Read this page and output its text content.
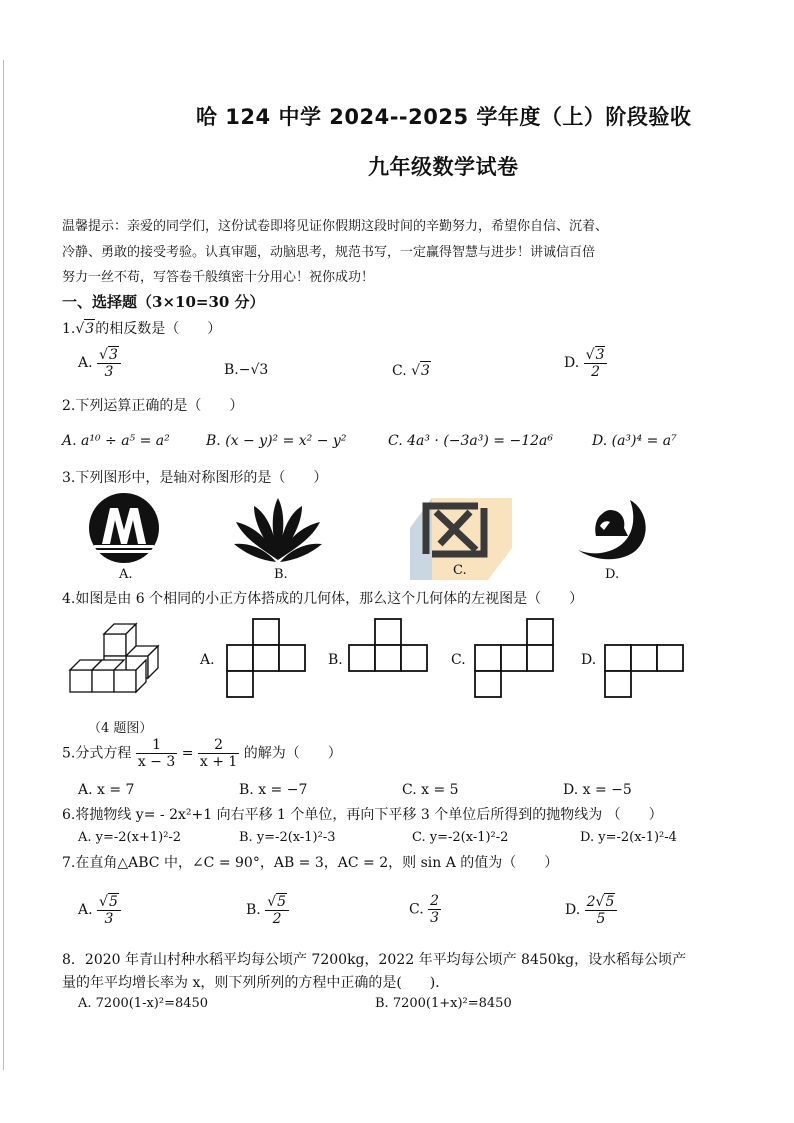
哈 124 中学 2024--2025 学年度（上）阶段验收
九年级数学试卷
温馨提示：亲爱的同学们，这份试卷即将见证你假期这段时间的辛勤努力，希望你自信、沉着、
冷静、勇敢的接受考验。认真审题，动脑思考，规范书写，一定赢得智慧与进步！讲诚信百倍
努力一丝不苟，写答卷千般缜密十分用心！祝你成功！
一、选择题（3×10=30 分）
1.√3的相反数是（　　）
A. $\frac{√3}{3}$	B.−√3	C. √3	D. $\frac{√3}{2}$
2.下列运算正确的是（　　）
A. a¹⁰ ÷ a⁵ = a²	B. (x − y)² = x² − y²	C. 4a³ · (−3a³) = −12a⁶	D. (a³)⁴ = a⁷
3.下列图形中，是轴对称图形的是（　　）
A.	B.	C.	D.
4.如图是由 6 个相同的小正方体搭成的几何体，那么这个几何体的左视图是（　　）
（4 题图）
A.	B.	C.	D.
5.分式方程 $\frac{1}{x - 3} = \frac{2}{x + 1}$ 的解为（　　）
A. x = 7	B. x = −7	C. x = 5	D. x = −5
6.将抛物线 y= - 2x²+1 向右平移 1 个单位，再向下平移 3 个单位后所得到的抛物线为 （　　）
A. y=-2(x+1)²-2	B. y=-2(x-1)²-3	C. y=-2(x-1)²-2	D. y=-2(x-1)²-4
7.在直角△ABC 中，∠C = 90°，AB = 3，AC = 2，则 sin A 的值为（　　）
A. $\frac{√5}{3}$	B. $\frac{√5}{2}$	C. $\frac{2}{3}$	D. $\frac{2√5}{5}$
8．2020 年青山村种水稻平均每公顷产 7200kg，2022 年平均每公顷产 8450kg，设水稻每公顷产
量的年平均增长率为 x，则下列所列的方程中正确的是(　　)．
A. 7200(1-x)²=8450	B. 7200(1+x)²=8450
